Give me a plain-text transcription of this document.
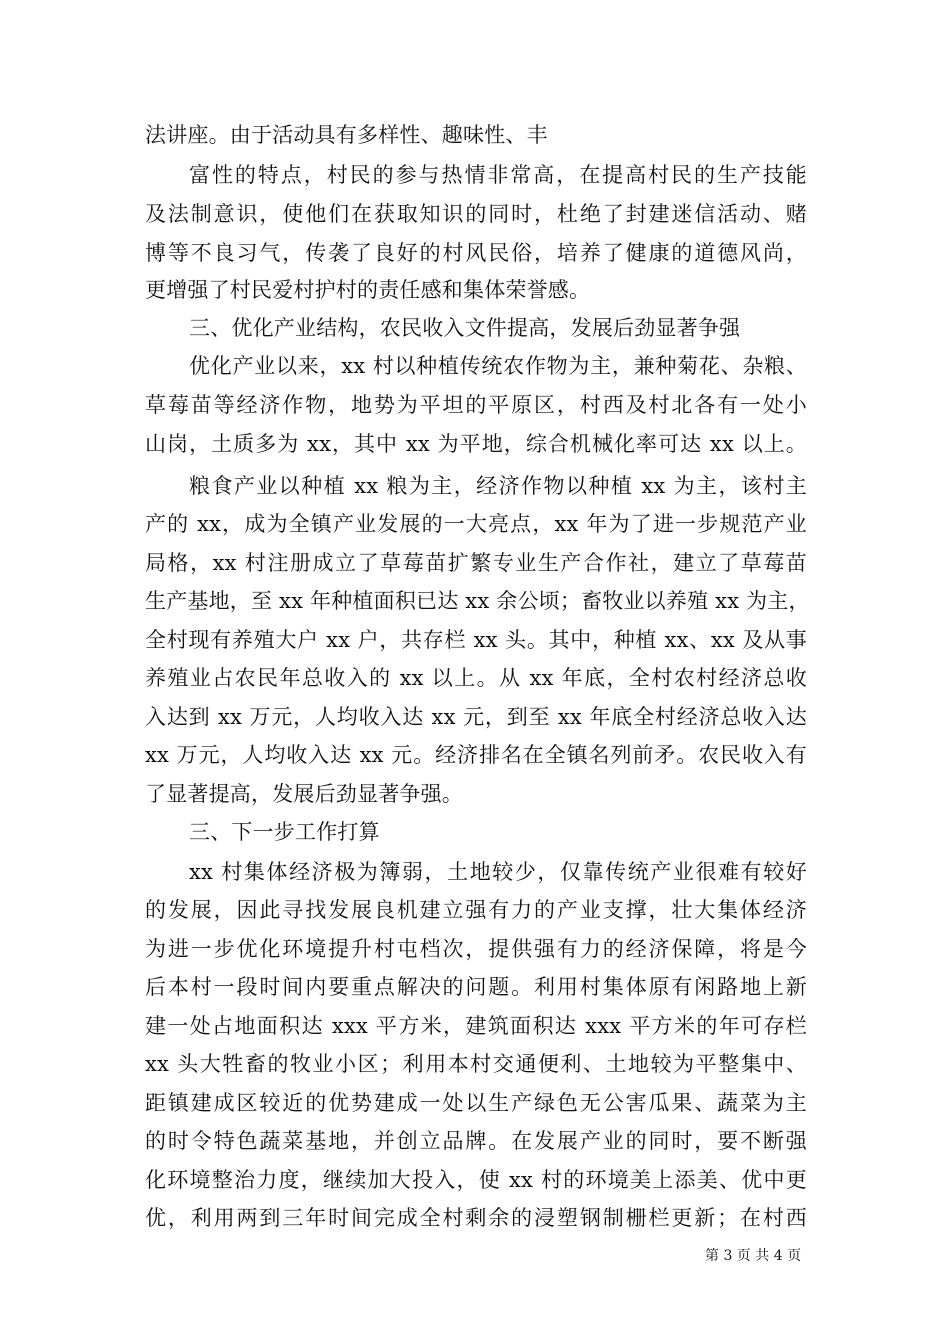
法讲座。由于活动具有多样性、趣味性、丰
富性的特点，村民的参与热情非常高，在提高村民的生产技能
及法制意识，使他们在获取知识的同时，杜绝了封建迷信活动、赌
博等不良习气，传袭了良好的村风民俗，培养了健康的道德风尚，
更增强了村民爱村护村的责任感和集体荣誉感。
三、优化产业结构，农民收入文件提高，发展后劲显著争强
优化产业以来，xx 村以种植传统农作物为主，兼种菊花、杂粮、
草莓苗等经济作物，地势为平坦的平原区，村西及村北各有一处小
山岗，土质多为 xx，其中 xx 为平地，综合机械化率可达 xx 以上。
粮食产业以种植 xx 粮为主，经济作物以种植 xx 为主，该村主
产的 xx，成为全镇产业发展的一大亮点，xx 年为了进一步规范产业
局格，xx 村注册成立了草莓苗扩繁专业生产合作社，建立了草莓苗
生产基地，至 xx 年种植面积已达 xx 余公顷；畜牧业以养殖 xx 为主，
全村现有养殖大户 xx 户，共存栏 xx 头。其中，种植 xx、xx 及从事
养殖业占农民年总收入的 xx 以上。从 xx 年底，全村农村经济总收
入达到 xx 万元，人均收入达 xx 元，到至 xx 年底全村经济总收入达
xx 万元，人均收入达 xx 元。经济排名在全镇名列前矛。农民收入有
了显著提高，发展后劲显著争强。
三、下一步工作打算
xx 村集体经济极为簿弱，土地较少，仅靠传统产业很难有较好
的发展，因此寻找发展良机建立强有力的产业支撑，壮大集体经济
为进一步优化环境提升村屯档次，提供强有力的经济保障，将是今
后本村一段时间内要重点解决的问题。利用村集体原有闲路地上新
建一处占地面积达 xxx 平方米，建筑面积达 xxx 平方米的年可存栏
xx 头大牲畜的牧业小区；利用本村交通便利、土地较为平整集中、
距镇建成区较近的优势建成一处以生产绿色无公害瓜果、蔬菜为主
的时令特色蔬菜基地，并创立品牌。在发展产业的同时，要不断强
化环境整治力度，继续加大投入，使 xx 村的环境美上添美、优中更
优，利用两到三年时间完成全村剩余的浸塑钢制栅栏更新；在村西
第 3 页 共 4 页
